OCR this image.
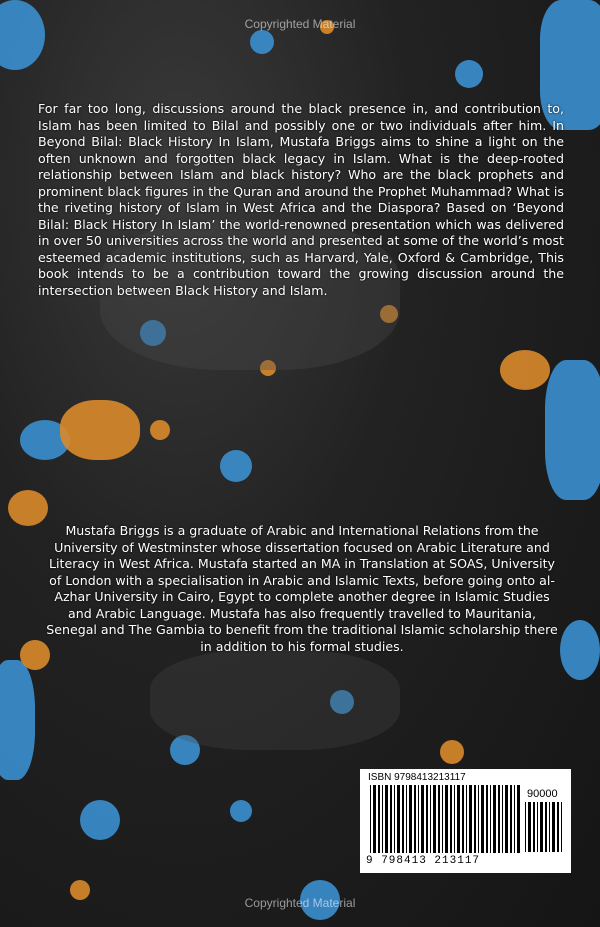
Copyrighted Material

For far too long, discussions around the black presence in, and contribution to, Islam has been limited to Bilal and possibly one or two individuals after him. In Beyond Bilal: Black History In Islam, Mustafa Briggs aims to shine a light on the often unknown and forgotten black legacy in Islam. What is the deep-rooted relationship between Islam and black history? Who are the black prophets and prominent black figures in the Quran and around the Prophet Muhammad? What is the riveting history of Islam in West Africa and the Diaspora? Based on ‘Beyond Bilal: Black History In Islam’ the world-renowned presentation which was delivered in over 50 universities across the world and presented at some of the world’s most esteemed academic institutions, such as Harvard, Yale, Oxford & Cambridge, This book intends to be a contribution toward the growing discussion around the intersection between Black History and Islam.

Mustafa Briggs is a graduate of Arabic and International Relations from the University of Westminster whose dissertation focused on Arabic Literature and Literacy in West Africa. Mustafa started an MA in Translation at SOAS, University of London with a specialisation in Arabic and Islamic Texts, before going onto al-Azhar University in Cairo, Egypt to complete another degree in Islamic Studies and Arabic Language. Mustafa has also frequently travelled to Mauritania, Senegal and The Gambia to benefit from the traditional Islamic scholarship there in addition to his formal studies.

ISBN 9798413213117
90000
9 798413 213117
Copyrighted Material
